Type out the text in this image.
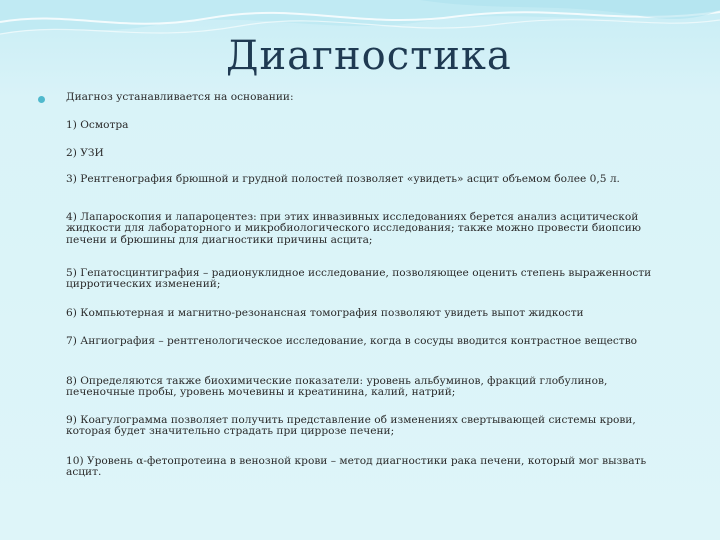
Диагностика
Диагноз устанавливается на основании:
1) Осмотра
2) УЗИ
3) Рентгенография брюшной и грудной полостей позволяет «увидеть» асцит объемом более 0,5 л.
4) Лапароскопия и лапароцентез: при этих инвазивных исследованиях берется анализ асцитической жидкости для лабораторного и микробиологического исследования; также можно провести биопсию печени и брюшины для диагностики причины асцита;
5) Гепатосцинтиграфия – радионуклидное исследование, позволяющее оценить степень выраженности цирротических изменений;
6) Компьютерная и магнитно-резонансная томография позволяют увидеть выпот жидкости
7) Ангиография – рентгенологическое исследование, когда в сосуды вводится контрастное вещество
8) Определяются также биохимические показатели: уровень альбуминов, фракций глобулинов, печеночные пробы, уровень мочевины и креатинина, калий, натрий;
9) Коагулограмма позволяет получить представление об изменениях свертывающей системы крови, которая будет значительно страдать при циррозе печени;
10) Уровень α-фетопротеина в венозной крови – метод диагностики рака печени, который мог вызвать асцит.
